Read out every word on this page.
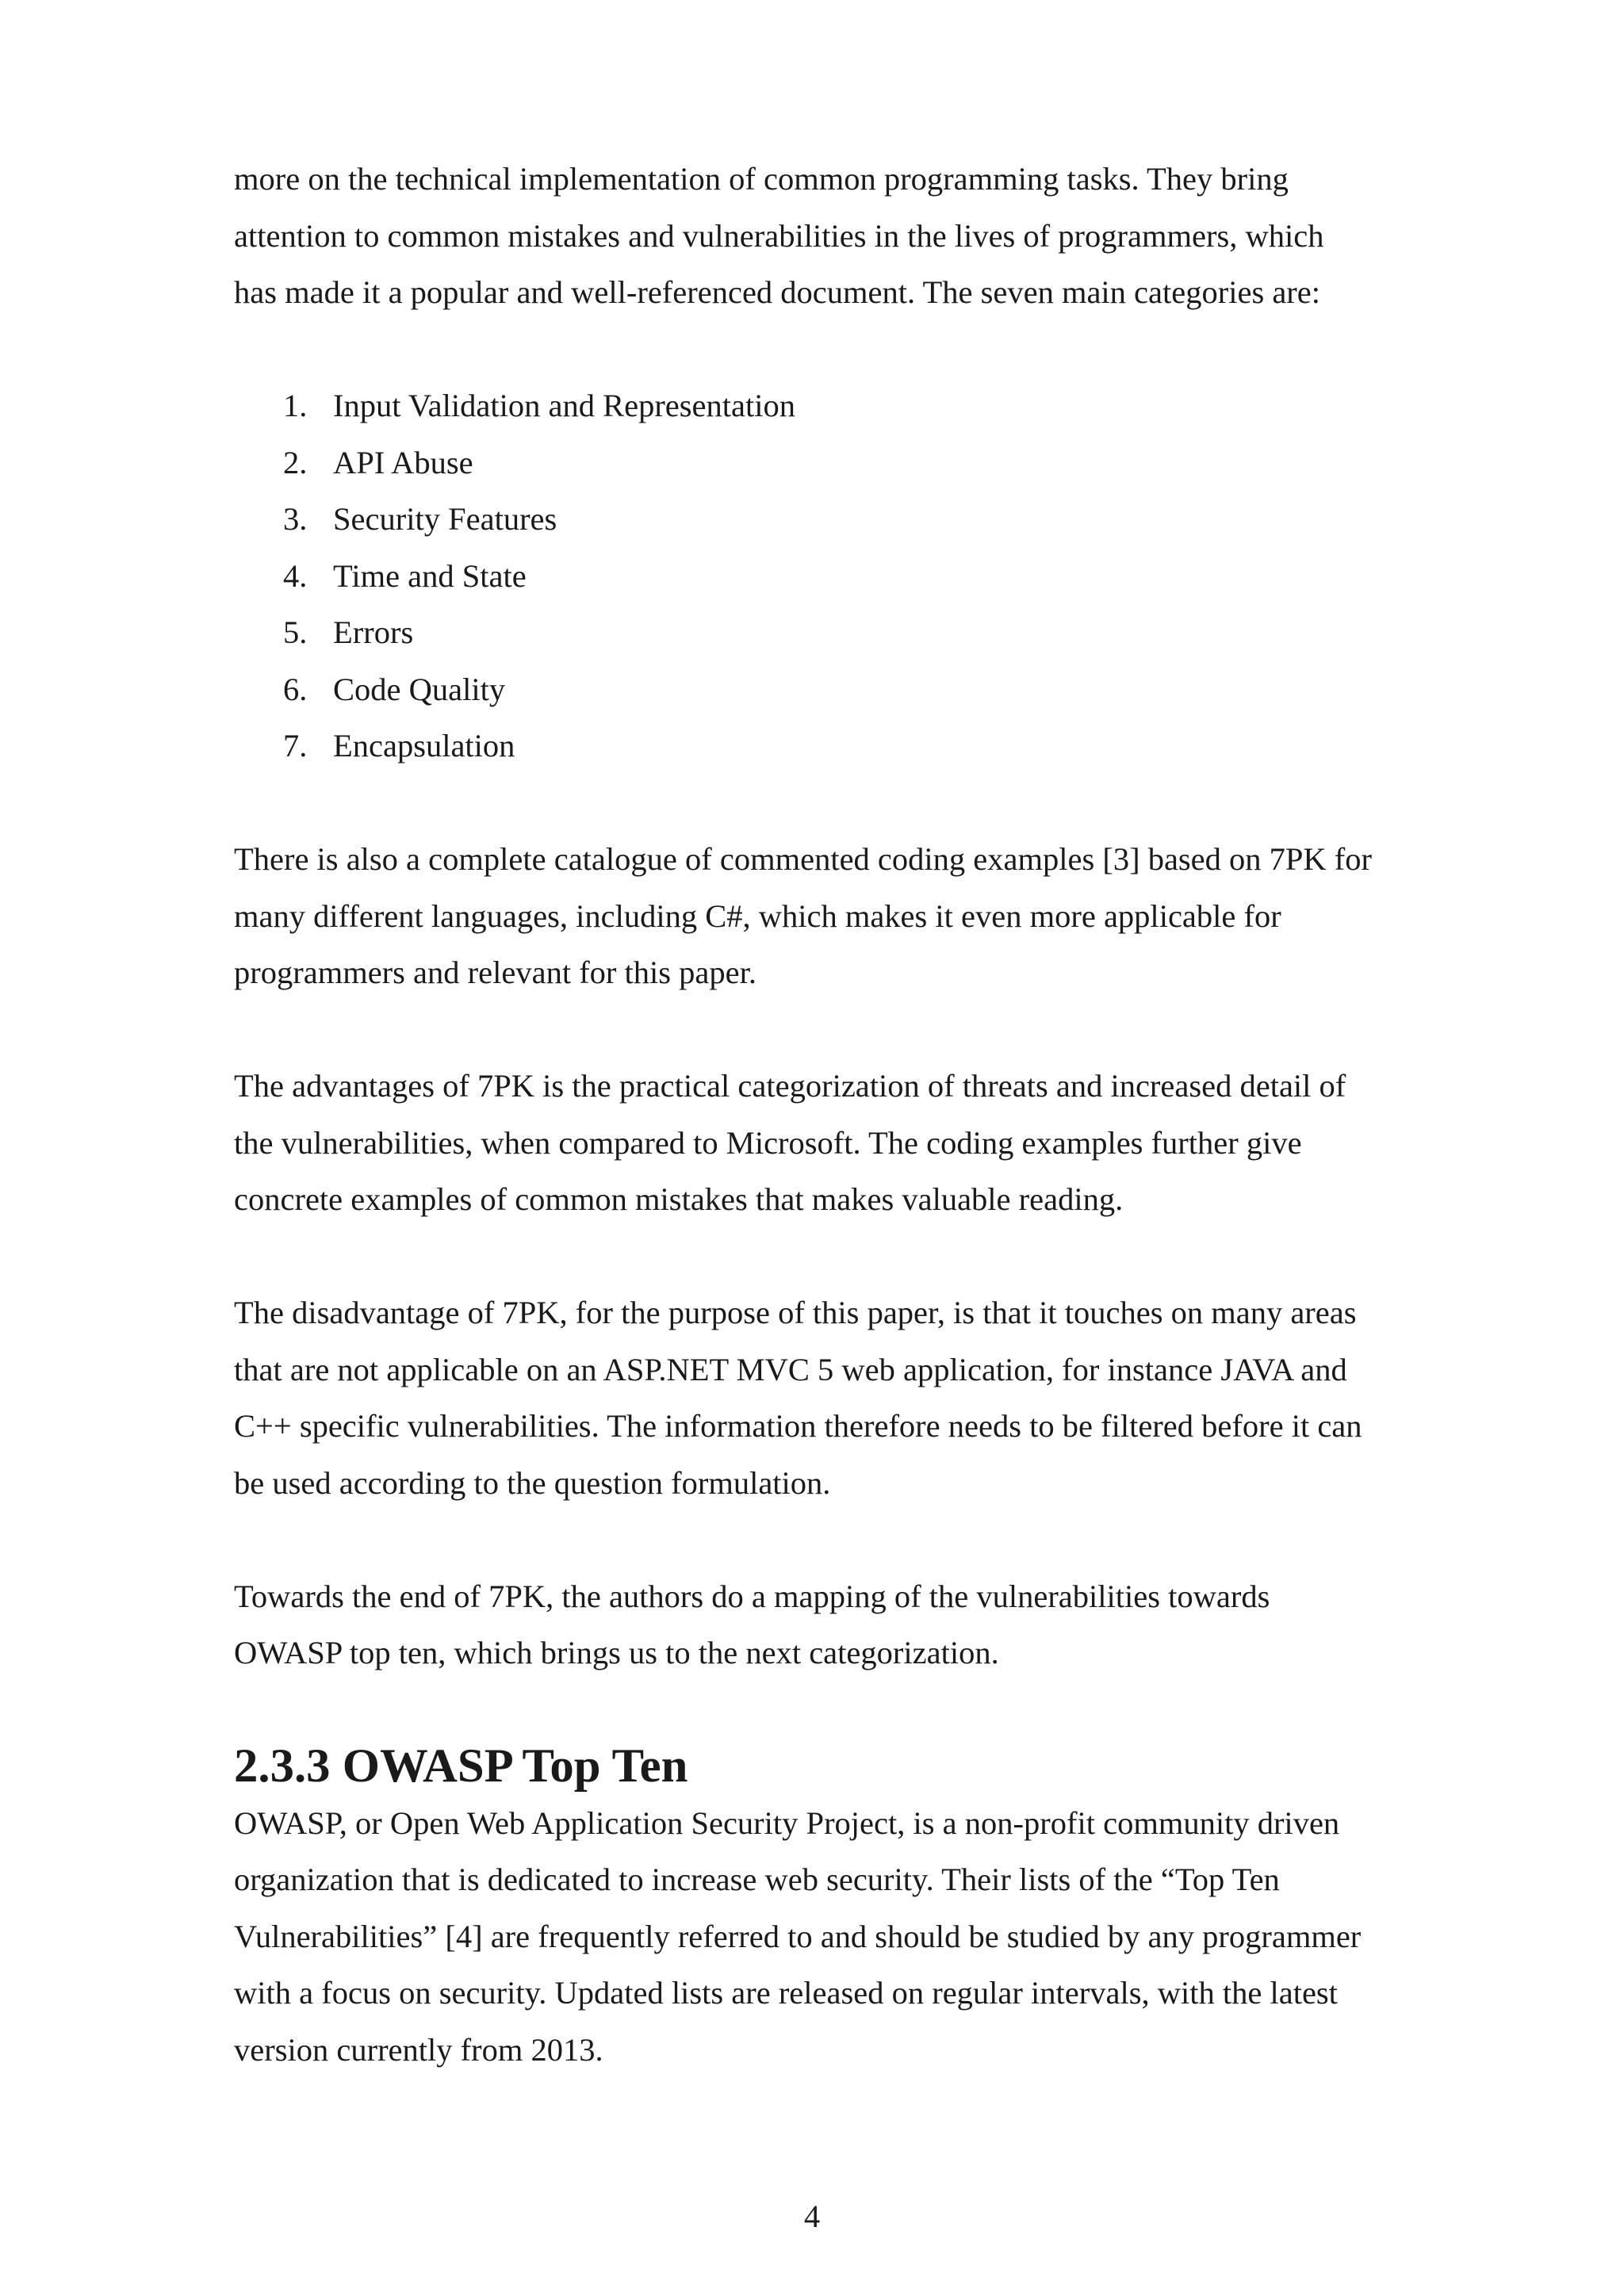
more on the technical implementation of common programming tasks. They bring
attention to common mistakes and vulnerabilities in the lives of programmers, which
has made it a popular and well-referenced document. The seven main categories are:
1. Input Validation and Representation
2. API Abuse
3. Security Features
4. Time and State
5. Errors
6. Code Quality
7. Encapsulation
There is also a complete catalogue of commented coding examples [3] based on 7PK for
many different languages, including C#, which makes it even more applicable for
programmers and relevant for this paper.
The advantages of 7PK is the practical categorization of threats and increased detail of
the vulnerabilities, when compared to Microsoft. The coding examples further give
concrete examples of common mistakes that makes valuable reading.
The disadvantage of 7PK, for the purpose of this paper, is that it touches on many areas
that are not applicable on an ASP.NET MVC 5 web application, for instance JAVA and
C++ specific vulnerabilities. The information therefore needs to be filtered before it can
be used according to the question formulation.
Towards the end of 7PK, the authors do a mapping of the vulnerabilities towards
OWASP top ten, which brings us to the next categorization.
2.3.3 OWASP Top Ten
OWASP, or Open Web Application Security Project, is a non-profit community driven
organization that is dedicated to increase web security. Their lists of the “Top Ten
Vulnerabilities” [4] are frequently referred to and should be studied by any programmer
with a focus on security. Updated lists are released on regular intervals, with the latest
version currently from 2013.
4
